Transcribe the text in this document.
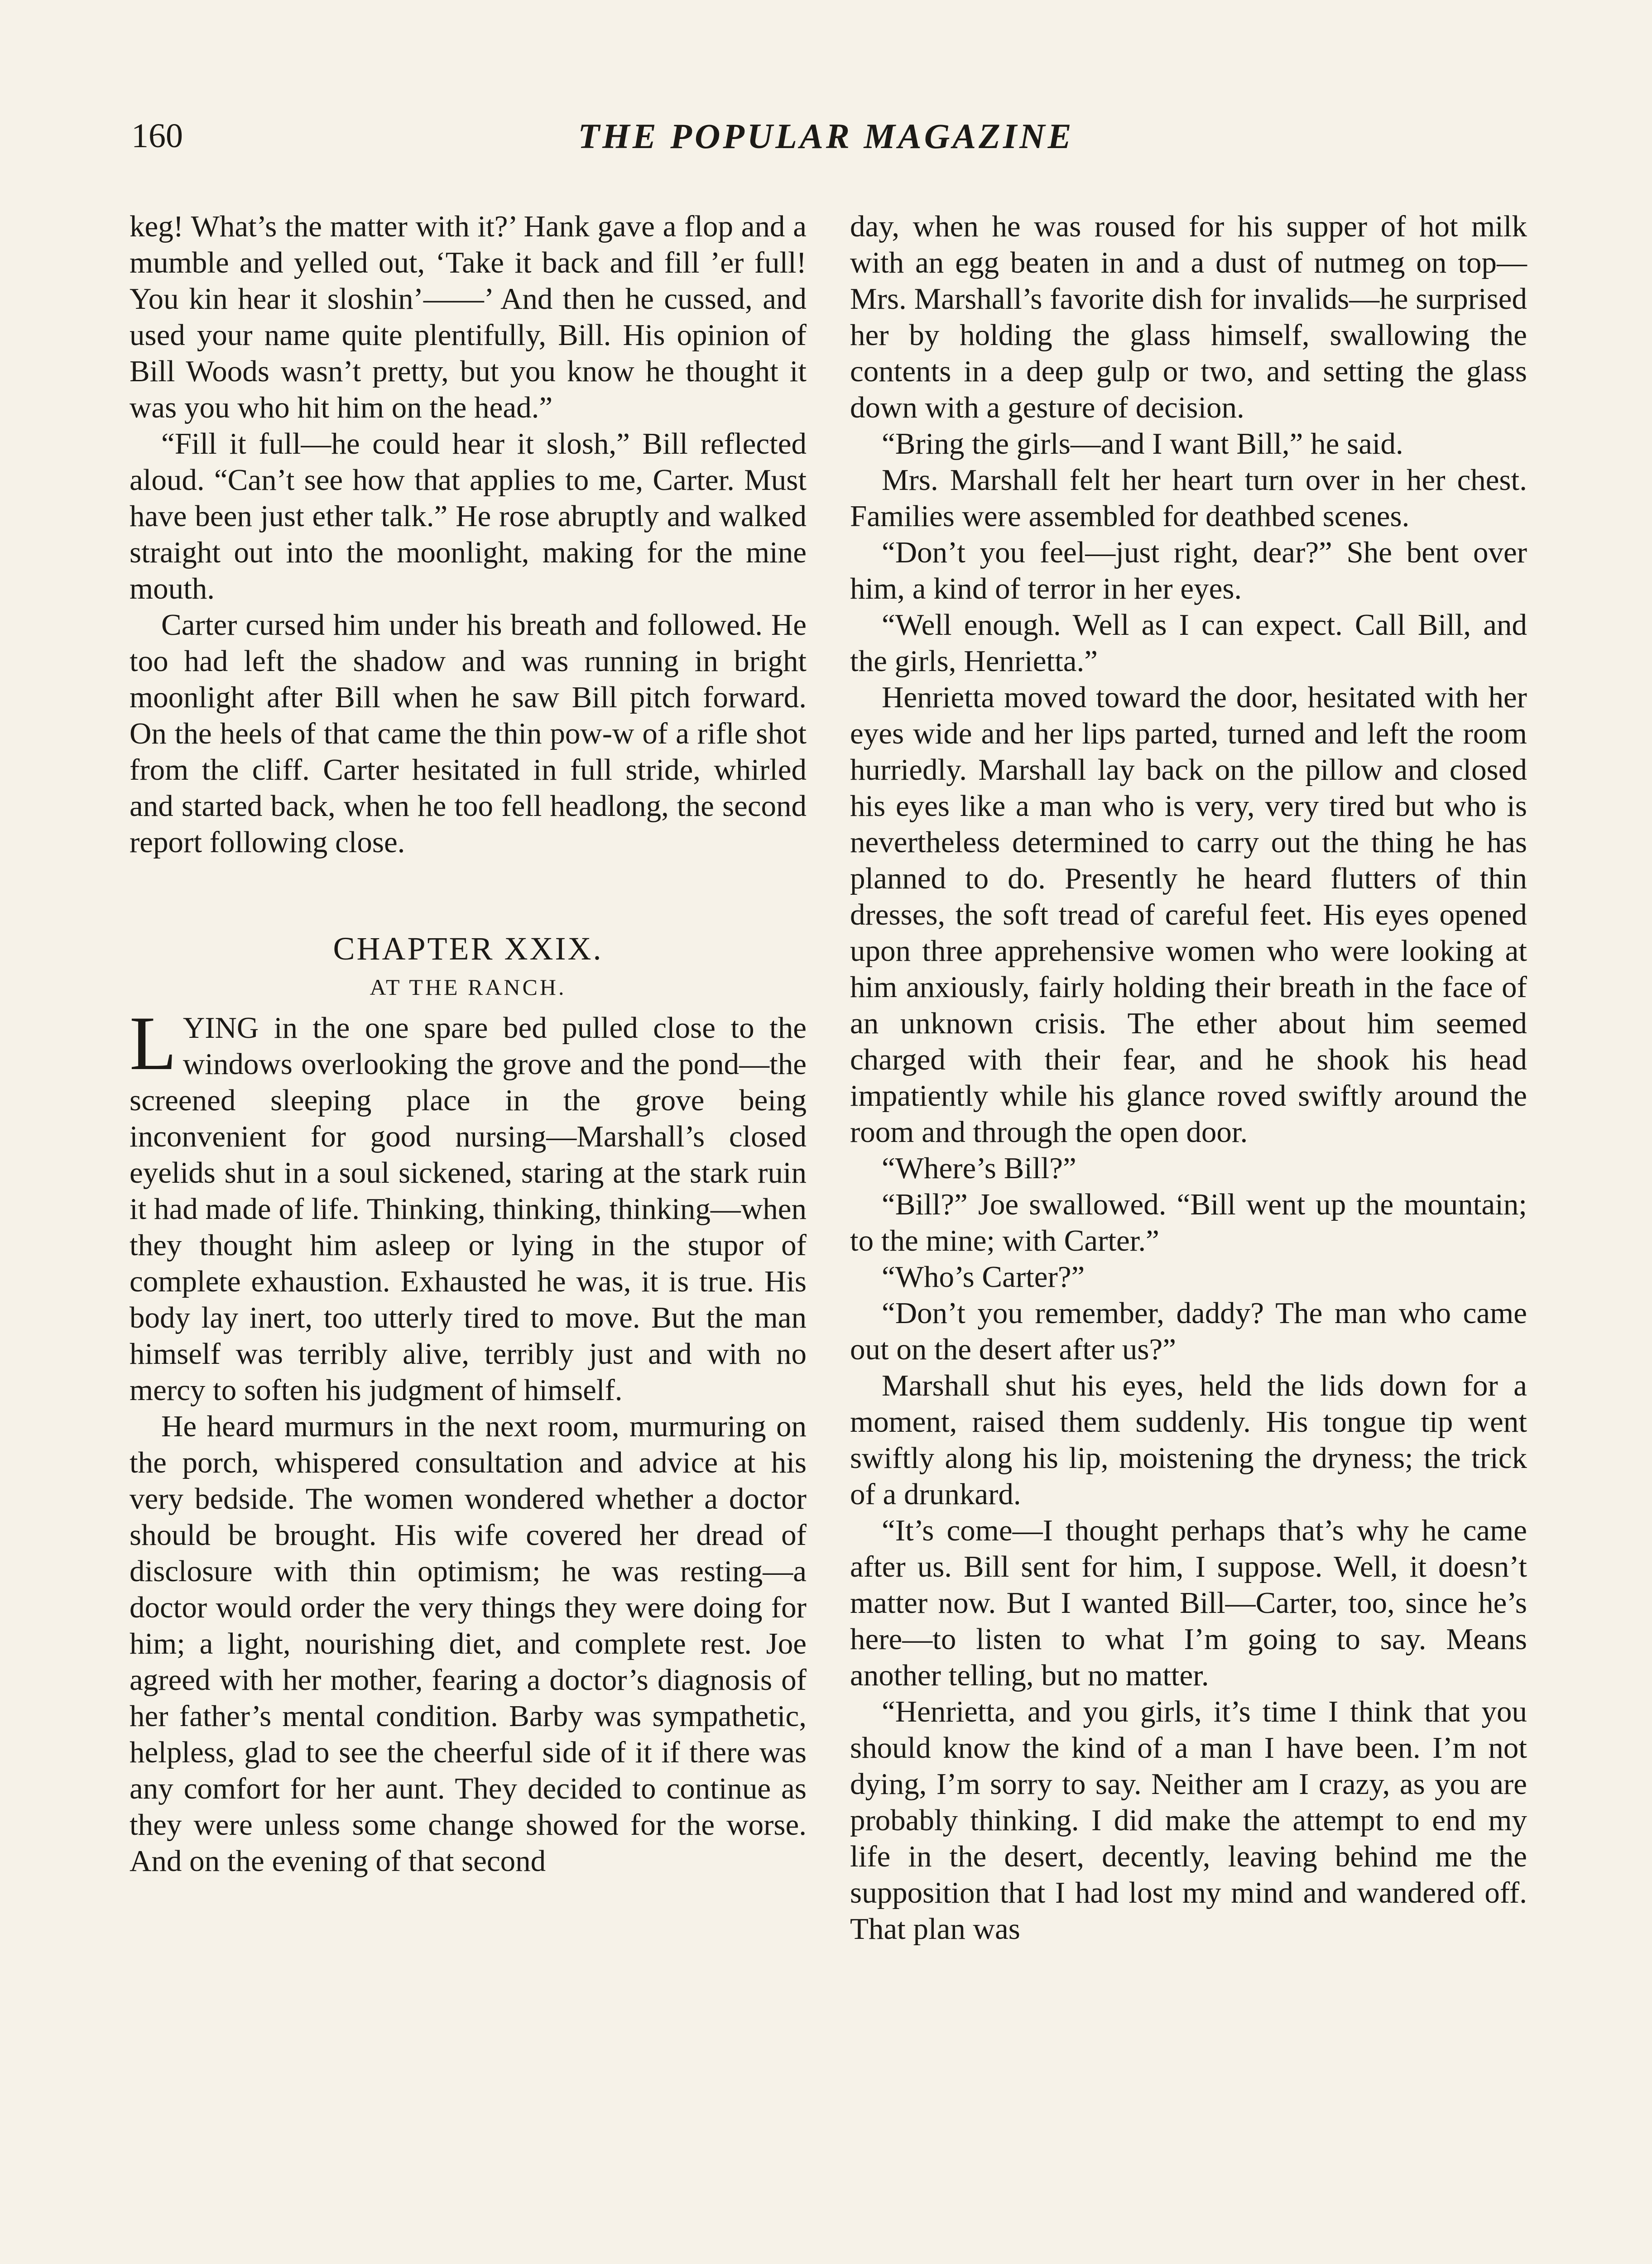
160	THE POPULAR MAGAZINE

keg! What’s the matter with it?’ Hank gave a flop and a mumble and yelled out, ‘Take it back and fill ’er full! You kin hear it sloshin’——’ And then he cussed, and used your name quite plentifully, Bill. His opinion of Bill Woods wasn’t pretty, but you know he thought it was you who hit him on the head.”

“Fill it full—he could hear it slosh,” Bill reflected aloud. “Can’t see how that applies to me, Carter. Must have been just ether talk.” He rose abruptly and walked straight out into the moonlight, making for the mine mouth.

Carter cursed him under his breath and followed. He too had left the shadow and was running in bright moonlight after Bill when he saw Bill pitch forward. On the heels of that came the thin pow-w of a rifle shot from the cliff. Carter hesitated in full stride, whirled and started back, when he too fell headlong, the second report following close.

CHAPTER XXIX.
AT THE RANCH.

LYING in the one spare bed pulled close to the windows overlooking the grove and the pond—the screened sleeping place in the grove being inconvenient for good nursing—Marshall’s closed eyelids shut in a soul sickened, staring at the stark ruin it had made of life. Thinking, thinking, thinking—when they thought him asleep or lying in the stupor of complete exhaustion. Exhausted he was, it is true. His body lay inert, too utterly tired to move. But the man himself was terribly alive, terribly just and with no mercy to soften his judgment of himself.

He heard murmurs in the next room, murmuring on the porch, whispered consultation and advice at his very bedside. The women wondered whether a doctor should be brought. His wife covered her dread of disclosure with thin optimism; he was resting—a doctor would order the very things they were doing for him; a light, nourishing diet, and complete rest. Joe agreed with her mother, fearing a doctor’s diagnosis of her father’s mental condition. Barby was sympathetic, helpless, glad to see the cheerful side of it if there was any comfort for her aunt. They decided to continue as they were unless some change showed for the worse. And on the evening of that second

day, when he was roused for his supper of hot milk with an egg beaten in and a dust of nutmeg on top—Mrs. Marshall’s favorite dish for invalids—he surprised her by holding the glass himself, swallowing the contents in a deep gulp or two, and setting the glass down with a gesture of decision.

“Bring the girls—and I want Bill,” he said.

Mrs. Marshall felt her heart turn over in her chest. Families were assembled for deathbed scenes.

“Don’t you feel—just right, dear?” She bent over him, a kind of terror in her eyes.

“Well enough. Well as I can expect. Call Bill, and the girls, Henrietta.”

Henrietta moved toward the door, hesitated with her eyes wide and her lips parted, turned and left the room hurriedly. Marshall lay back on the pillow and closed his eyes like a man who is very, very tired but who is nevertheless determined to carry out the thing he has planned to do. Presently he heard flutters of thin dresses, the soft tread of careful feet. His eyes opened upon three apprehensive women who were looking at him anxiously, fairly holding their breath in the face of an unknown crisis. The ether about him seemed charged with their fear, and he shook his head impatiently while his glance roved swiftly around the room and through the open door.

“Where’s Bill?”

“Bill?” Joe swallowed. “Bill went up the mountain; to the mine; with Carter.”

“Who’s Carter?”

“Don’t you remember, daddy? The man who came out on the desert after us?”

Marshall shut his eyes, held the lids down for a moment, raised them suddenly. His tongue tip went swiftly along his lip, moistening the dryness; the trick of a drunkard.

“It’s come—I thought perhaps that’s why he came after us. Bill sent for him, I suppose. Well, it doesn’t matter now. But I wanted Bill—Carter, too, since he’s here—to listen to what I’m going to say. Means another telling, but no matter.

“Henrietta, and you girls, it’s time I think that you should know the kind of a man I have been. I’m not dying, I’m sorry to say. Neither am I crazy, as you are probably thinking. I did make the attempt to end my life in the desert, decently, leaving behind me the supposition that I had lost my mind and wandered off. That plan was
